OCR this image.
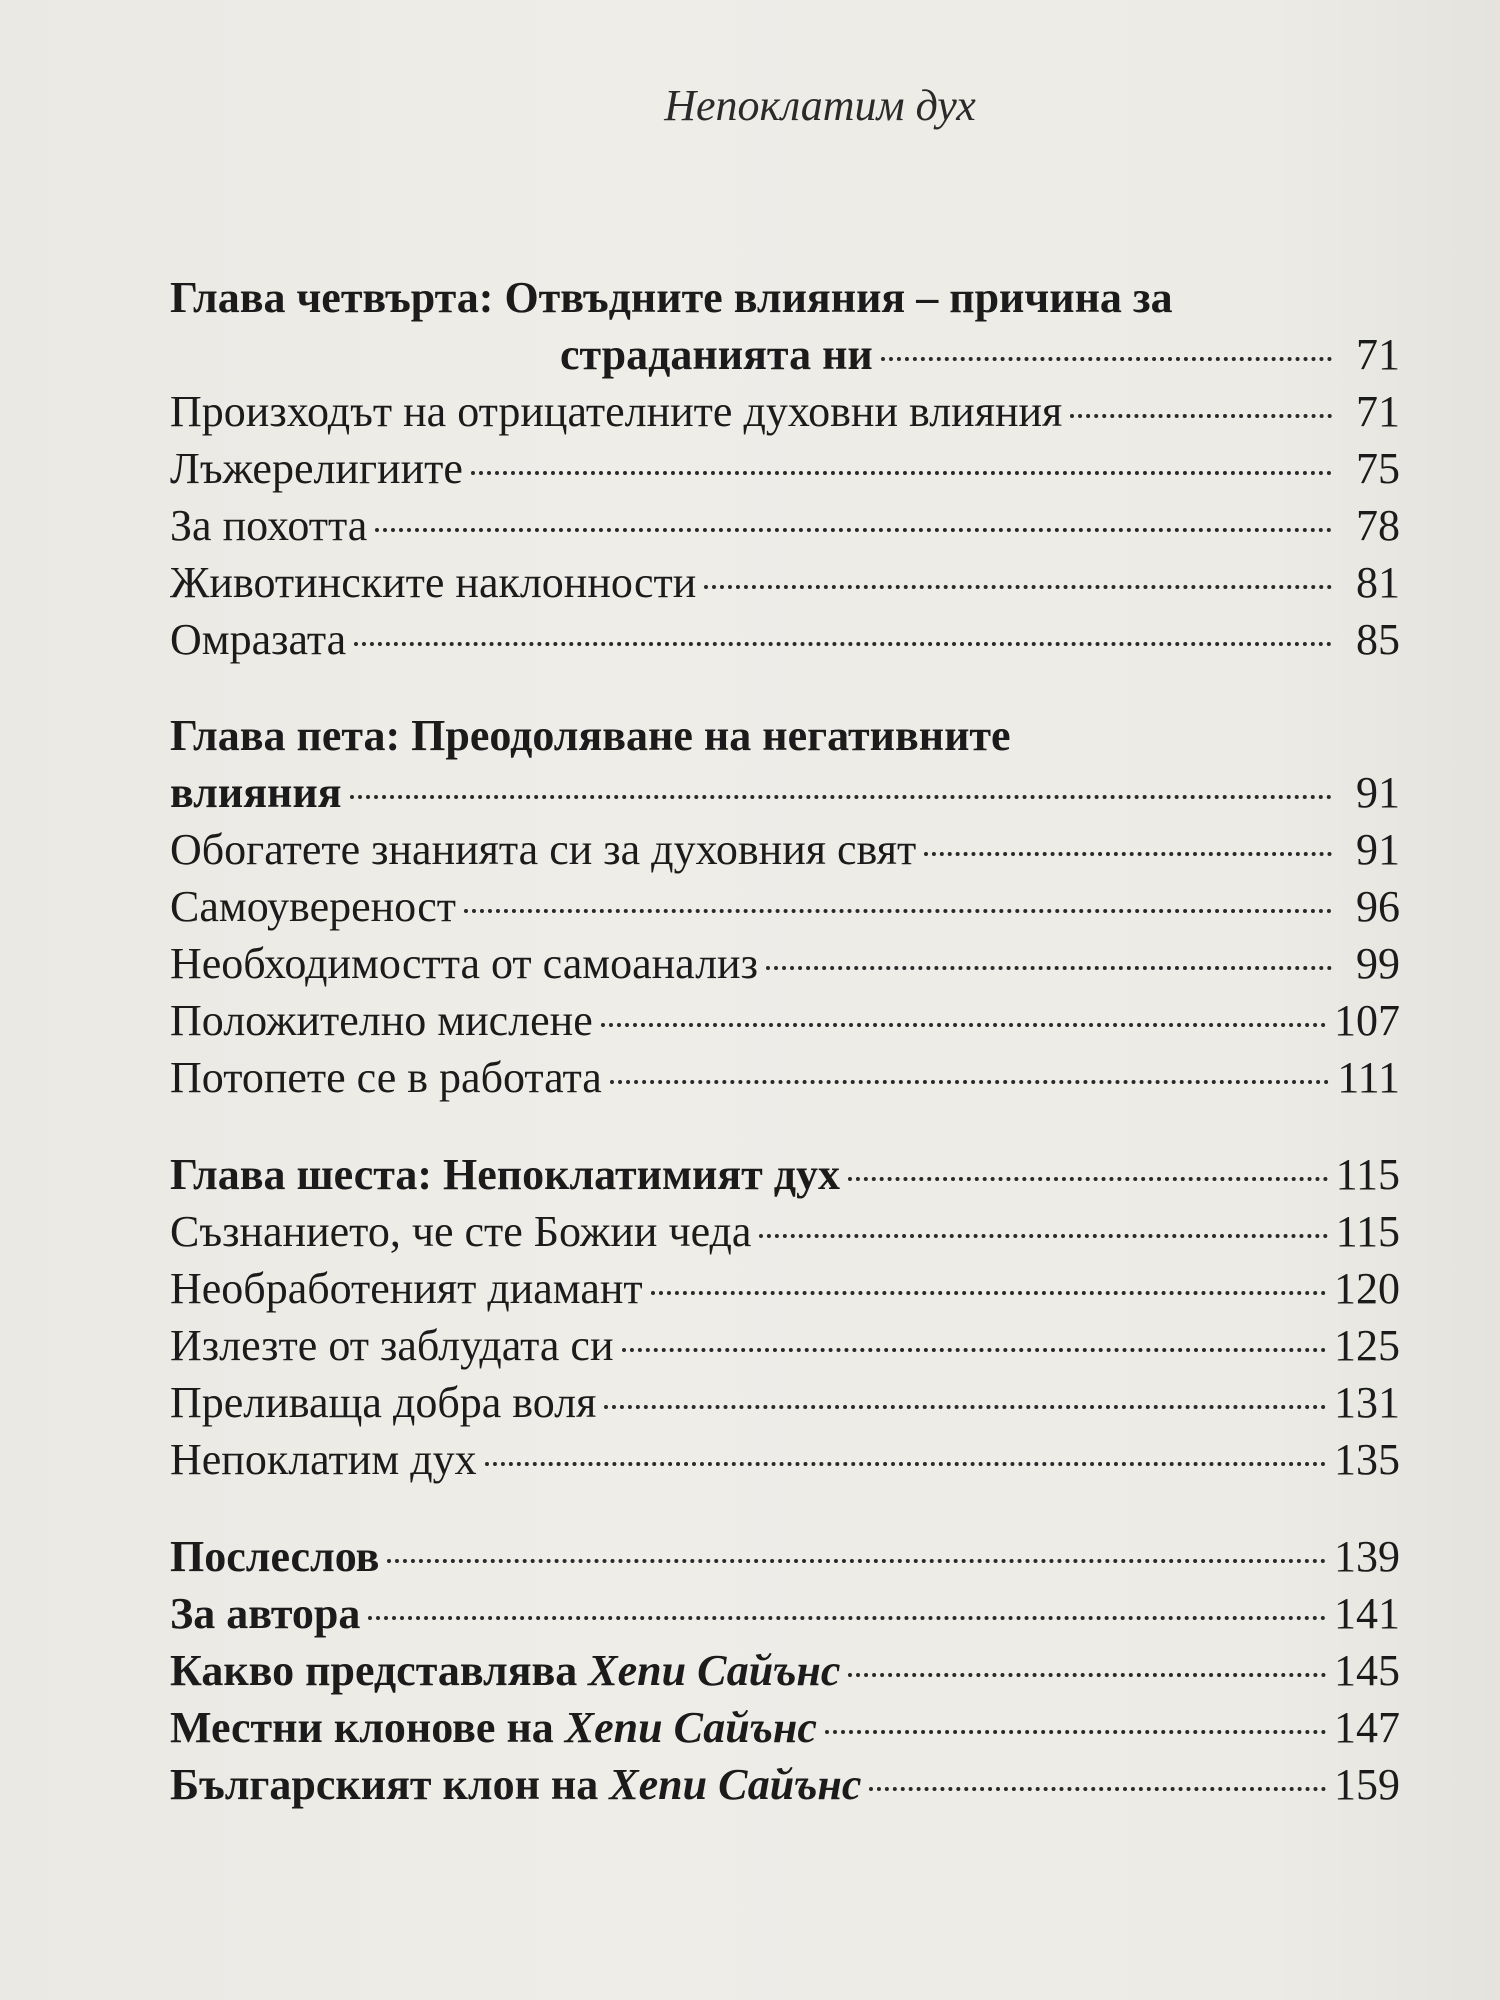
Непоклатим дух
Глава четвърта: Отвъдните влияния – причина за
страданията ни	71
Произходът на отрицателните духовни влияния	71
Лъжерелигиите	75
За похотта	78
Животинските наклонности	81
Омразата	85
Глава пета: Преодоляване на негативните
влияния	91
Обогатете знанията си за духовния свят	91
Самоувереност	96
Необходимостта от самоанализ	99
Положително мислене	107
Потопете се в работата	111
Глава шеста: Непоклатимият дух	115
Съзнанието, че сте Божии чеда	115
Необработеният диамант	120
Излезте от заблудата си	125
Преливаща добра воля	131
Непоклатим дух	135
Послеслов	139
За автора	141
Какво представлява Хепи Сайънс	145
Местни клонове на Хепи Сайънс	147
Българският клон на Хепи Сайънс	159
